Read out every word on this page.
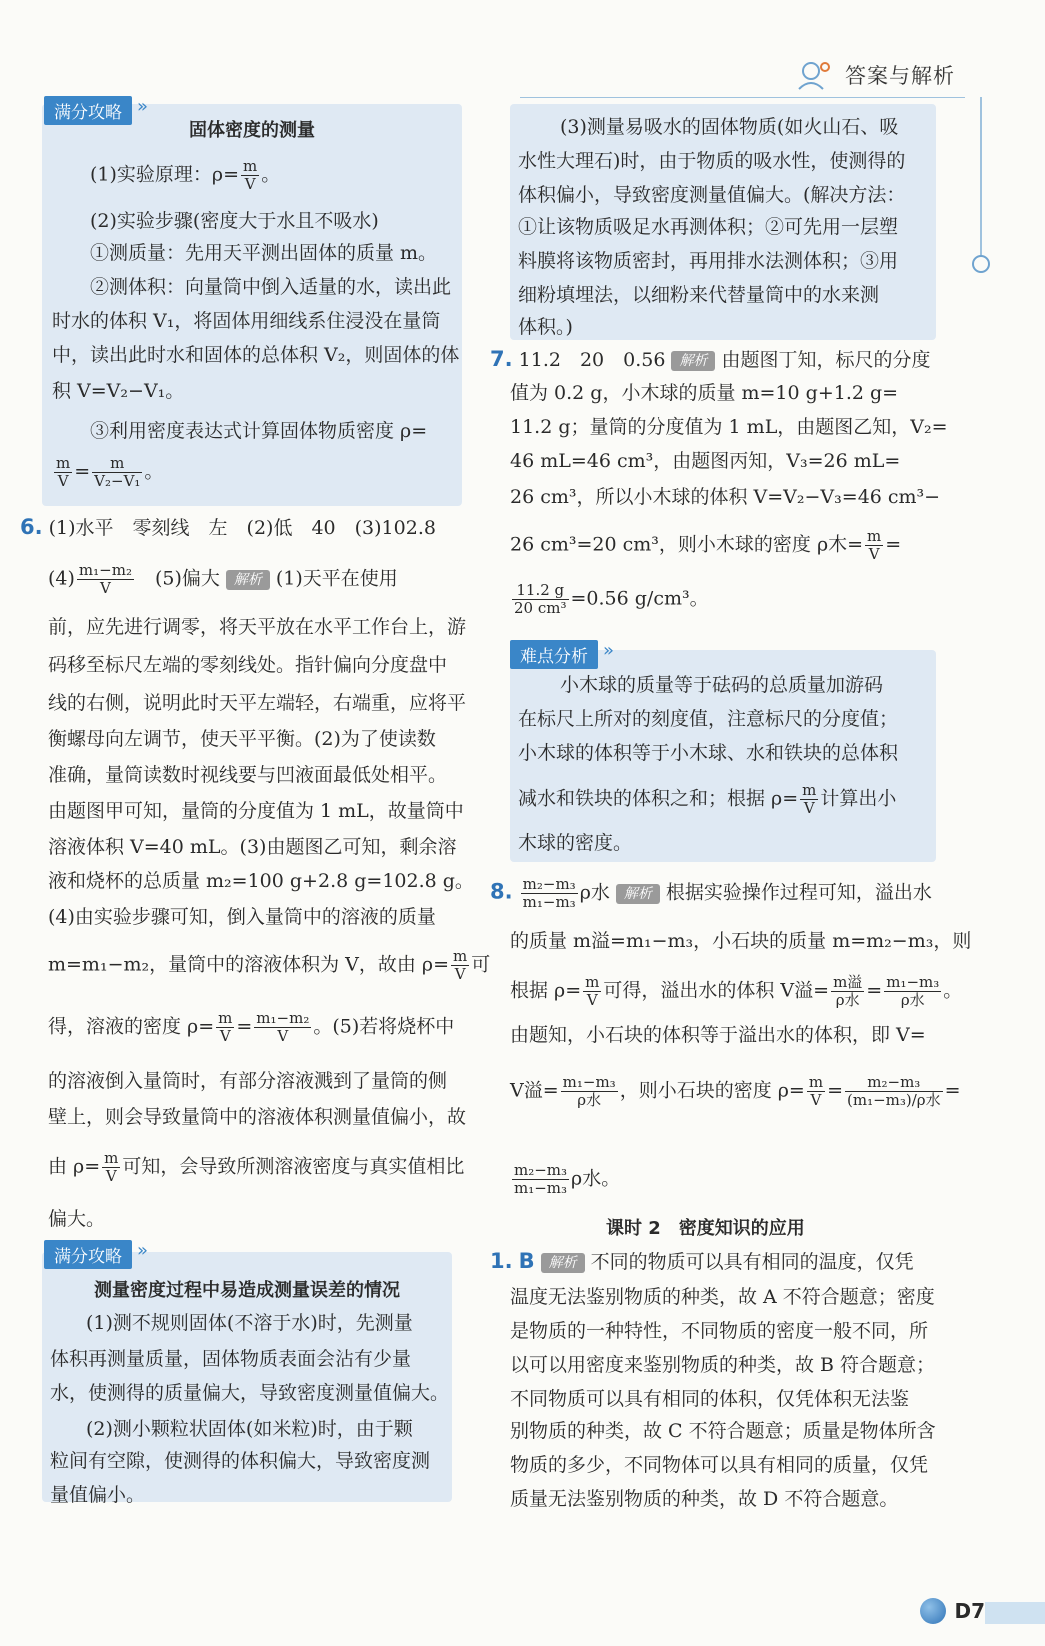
答案与解析
满分攻略 »
固体密度的测量
(1)实验原理：$\rho= \frac{m}{V}$ 。
(2)实验步骤(密度大于水且不吸水)
①测质量：先用天平测出固体的质量 m。
②测体积：向量筒中倒入适量的水，读出此
时水的体积 V₁，将固体用细线系住浸没在量筒
中，读出此时水和固体的总体积 V₂，则固体的体
积 V=V₂−V₁。
③利用密度表达式计算固体物质密度 ρ=
$\frac{m}{V} = \frac{m}{\text{V₂−V₁}}$ 。
6. (1)水平　零刻线　左　(2)低　40　(3)102.8
$(4) \frac{\text{m₁−m₂}}{V}$ 　(5)偏大 解析 (1)天平在使用
前，应先进行调零，将天平放在水平工作台上，游
码移至标尺左端的零刻线处。指针偏向分度盘中
线的右侧，说明此时天平左端轻，右端重，应将平
衡螺母向左调节，使天平平衡。(2)为了使读数
准确，量筒读数时视线要与凹液面最低处相平。
由题图甲可知，量筒的分度值为 1 mL，故量筒中
溶液体积 V=40 mL。(3)由题图乙可知，剩余溶
液和烧杯的总质量 m₂=100 g+2.8 g=102.8 g。
(4)由实验步骤可知，倒入量筒中的溶液的质量
m=m₁−m₂，量筒中的溶液体积为 V，故由 $\rho= \frac{m}{V}$ 可
得，溶液的密度 $\rho= \frac{m}{V} = \frac{\text{m₁−m₂}}{V}$ 。(5)若将烧杯中
的溶液倒入量筒时，有部分溶液溅到了量筒的侧
壁上，则会导致量筒中的溶液体积测量值偏小，故
由 $\rho= \frac{m}{V}$ 可知，会导致所测溶液密度与真实值相比
偏大。
满分攻略 »
测量密度过程中易造成测量误差的情况
(1)测不规则固体(不溶于水)时，先测量
体积再测量质量，固体物质表面会沾有少量
水，使测得的质量偏大，导致密度测量值偏大。
(2)测小颗粒状固体(如米粒)时，由于颗
粒间有空隙，使测得的体积偏大，导致密度测
量值偏小。
(3)测量易吸水的固体物质(如火山石、吸
水性大理石)时，由于物质的吸水性，使测得的
体积偏小，导致密度测量值偏大。(解决方法：
①让该物质吸足水再测体积；②可先用一层塑
料膜将该物质密封，再用排水法测体积；③用
细粉填埋法，以细粉来代替量筒中的水来测
体积。)
7. 11.2　20　0.56 解析 由题图丁知，标尺的分度
值为 0.2 g，小木球的质量 m=10 g+1.2 g=
11.2 g；量筒的分度值为 1 mL，由题图乙知，V₂=
46 mL=46 cm³，由题图丙知，V₃=26 mL=
26 cm³，所以小木球的体积 V=V₂−V₃=46 cm³−
26 cm³=20 cm³，则小木球的密度 ρ木= $\frac{m}{V}$ =
$\frac{11.2 g}{\text{20 cm³}} =0.56$ g/cm³。
难点分析 »
小木球的质量等于砝码的总质量加游码
在标尺上所对的刻度值，注意标尺的分度值；
小木球的体积等于小木球、水和铁块的总体积
减水和铁块的体积之和；根据 $\rho= \frac{m}{V}$ 计算出小
木球的密度。
8. $\frac{\text{m₂−m₃}}{\text{m₁−m₃}}$ ρ水 解析 根据实验操作过程可知，溢出水
的质量 m溢=m₁−m₃，小石块的质量 m=m₂−m₃，则
根据 $\rho= \frac{m}{V}$ 可得，溢出水的体积 V溢= $\frac{\text{m溢}}{\text{ρ水}} = \frac{\text{m₁−m₃}}{\text{ρ水}}$ 。
由题知，小石块的体积等于溢出水的体积，即 V=
V溢= $\frac{\text{m₁−m₃}}{\text{ρ水}}$ ，则小石块的密度 $\rho= \frac{m}{V} = \frac{\text{m₂−m₃}}{\text{(m₁−m₃)/ρ水}}$ =
$\frac{\text{m₂−m₃}}{\text{m₁−m₃}}$ ρ水。
课时 2　密度知识的应用
1. B 解析 不同的物质可以具有相同的温度，仅凭
温度无法鉴别物质的种类，故 A 不符合题意；密度
是物质的一种特性，不同物质的密度一般不同，所
以可以用密度来鉴别物质的种类，故 B 符合题意；
不同物质可以具有相同的体积，仅凭体积无法鉴
别物质的种类，故 C 不符合题意；质量是物体所含
物质的多少，不同物体可以具有相同的质量，仅凭
质量无法鉴别物质的种类，故 D 不符合题意。
D7
